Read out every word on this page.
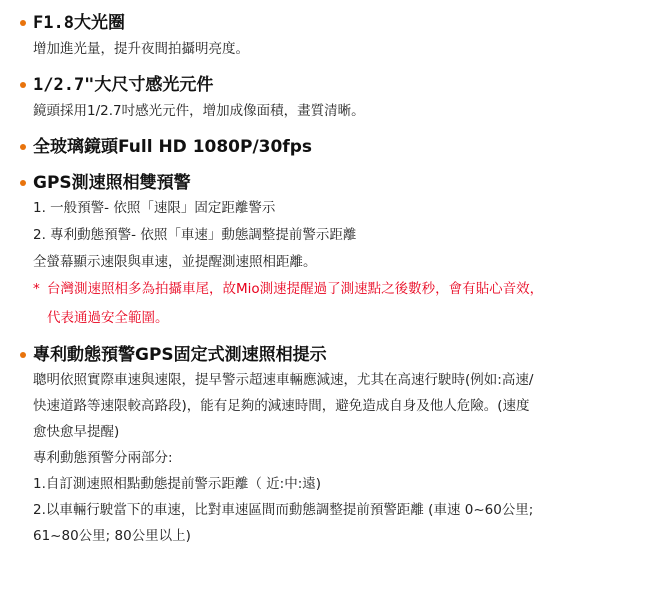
F1.8大光圈
增加進光量，提升夜間拍攝明亮度。
1/2.7"大尺寸感光元件
鏡頭採用1/2.7吋感光元件，增加成像面積，畫質清晰。
全玻璃鏡頭Full HD 1080P/30fps
GPS測速照相雙預警
1. 一般預警- 依照「速限」固定距離警示
2. 專利動態預警- 依照「車速」動態調整提前警示距離
全螢幕顯示速限與車速，並提醒測速照相距離。
* 台灣測速照相多為拍攝車尾，故Mio測速提醒過了測速點之後數秒，會有貼心音效，
代表通過安全範圍。
專利動態預警GPS固定式測速照相提示
聰明依照實際車速與速限，提早警示超速車輛應減速，尤其在高速行駛時(例如:高速/
快速道路等速限較高路段)，能有足夠的減速時間，避免造成自身及他人危險。(速度
愈快愈早提醒)
專利動態預警分兩部分:
1.自訂測速照相點動態提前警示距離（ 近:中:遠)
2.以車輛行駛當下的車速，比對車速區間而動態調整提前預警距離 (車速 0~60公里;
61~80公里; 80公里以上)
